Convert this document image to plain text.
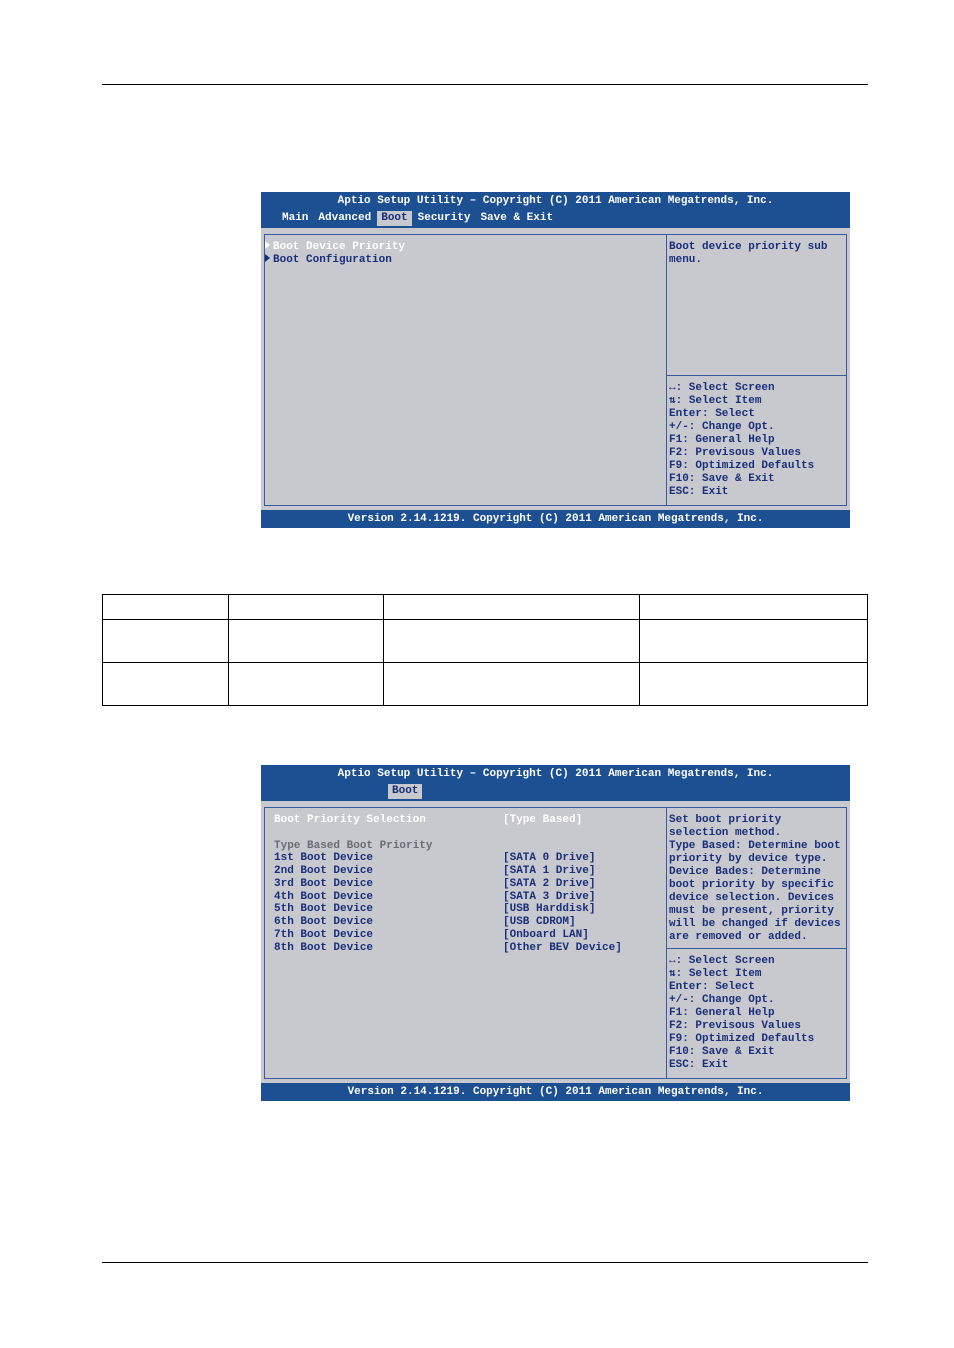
Aptio Setup Utility – Copyright (C) 2011 American Megatrends, Inc.
Main Advanced Boot Security Save & Exit
Boot Device Priority
Boot Configuration
Boot device priority sub
menu.
↔: Select Screen
⇅: Select Item
Enter: Select
+/-: Change Opt.
F1: General Help
F2: Previsous Values
F9: Optimized Defaults
F10: Save & Exit
ESC: Exit
Version 2.14.1219. Copyright (C) 2011 American Megatrends, Inc.

Aptio Setup Utility – Copyright (C) 2011 American Megatrends, Inc.
Boot
Boot Priority Selection	[Type Based]
Type Based Boot Priority
1st Boot Device	[SATA 0 Drive]
2nd Boot Device	[SATA 1 Drive]
3rd Boot Device	[SATA 2 Drive]
4th Boot Device	[SATA 3 Drive]
5th Boot Device	[USB Harddisk]
6th Boot Device	[USB CDROM]
7th Boot Device	[Onboard LAN]
8th Boot Device	[Other BEV Device]
Set boot priority
selection method.
Type Based: Determine boot
priority by device type.
Device Bades: Determine
boot priority by specific
device selection. Devices
must be present, priority
will be changed if devices
are removed or added.
↔: Select Screen
⇅: Select Item
Enter: Select
+/-: Change Opt.
F1: General Help
F2: Previsous Values
F9: Optimized Defaults
F10: Save & Exit
ESC: Exit
Version 2.14.1219. Copyright (C) 2011 American Megatrends, Inc.
